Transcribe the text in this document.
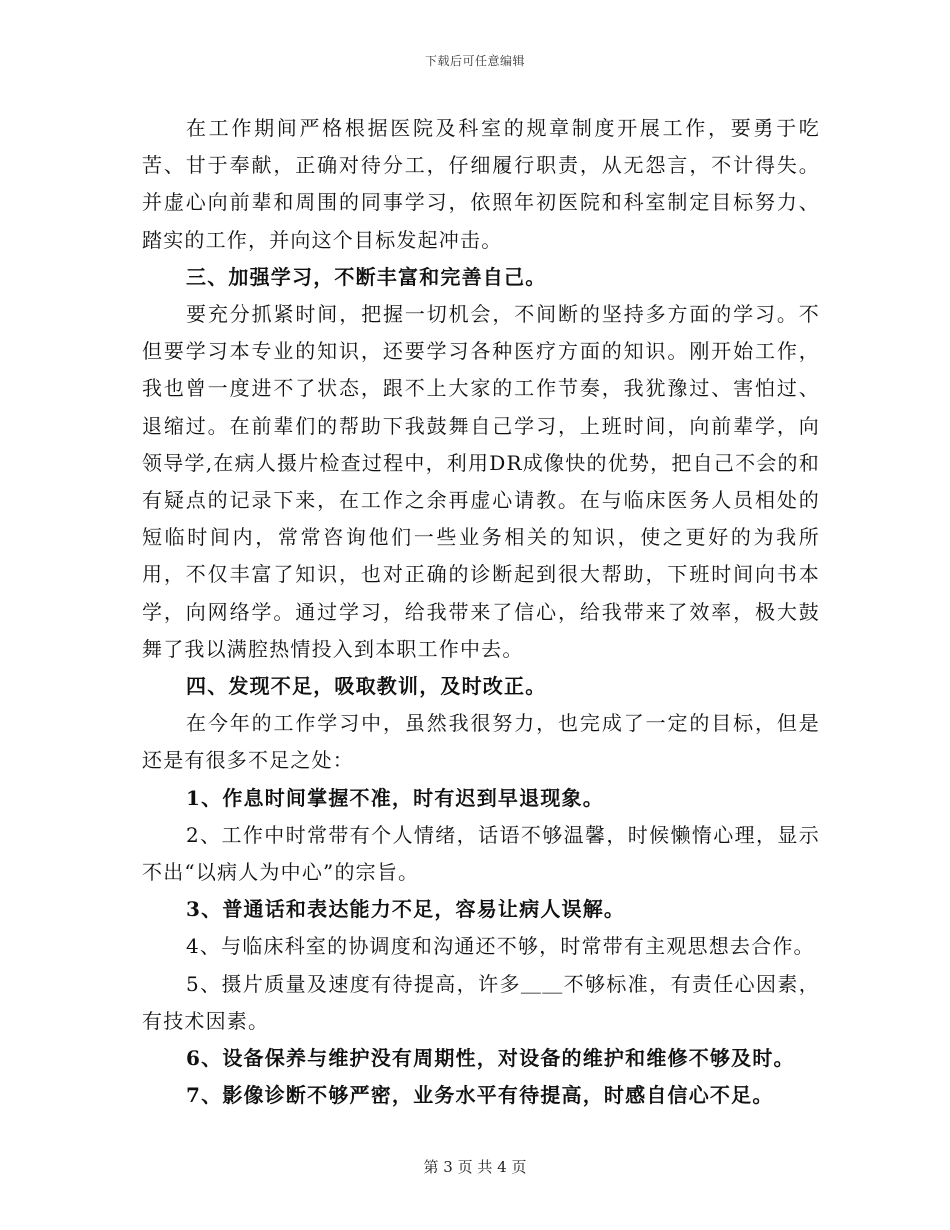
下载后可任意编辑

在工作期间严格根据医院及科室的规章制度开展工作，要勇于吃苦、甘于奉献，正确对待分工，仔细履行职责，从无怨言，不计得失。并虚心向前辈和周围的同事学习，依照年初医院和科室制定目标努力、踏实的工作，并向这个目标发起冲击。

三、加强学习，不断丰富和完善自己。

要充分抓紧时间，把握一切机会，不间断的坚持多方面的学习。不但要学习本专业的知识，还要学习各种医疗方面的知识。刚开始工作，我也曾一度进不了状态，跟不上大家的工作节奏，我犹豫过、害怕过、退缩过。在前辈们的帮助下我鼓舞自己学习，上班时间，向前辈学，向领导学,在病人摄片检查过程中，利用DR成像快的优势，把自己不会的和有疑点的记录下来，在工作之余再虚心请教。在与临床医务人员相处的短临时间内，常常咨询他们一些业务相关的知识，使之更好的为我所用，不仅丰富了知识，也对正确的诊断起到很大帮助，下班时间向书本学，向网络学。通过学习，给我带来了信心，给我带来了效率，极大鼓舞了我以满腔热情投入到本职工作中去。

四、发现不足，吸取教训，及时改正。

在今年的工作学习中，虽然我很努力，也完成了一定的目标，但是还是有很多不足之处：

1、作息时间掌握不准，时有迟到早退现象。

2、工作中时常带有个人情绪，话语不够温馨，时候懒惰心理，显示不出“以病人为中心”的宗旨。

3、普通话和表达能力不足，容易让病人误解。

4、与临床科室的协调度和沟通还不够，时常带有主观思想去合作。

5、摄片质量及速度有待提高，许多＿＿不够标准，有责任心因素，有技术因素。

6、设备保养与维护没有周期性，对设备的维护和维修不够及时。

7、影像诊断不够严密，业务水平有待提高，时感自信心不足。

第 3 页 共 4 页
